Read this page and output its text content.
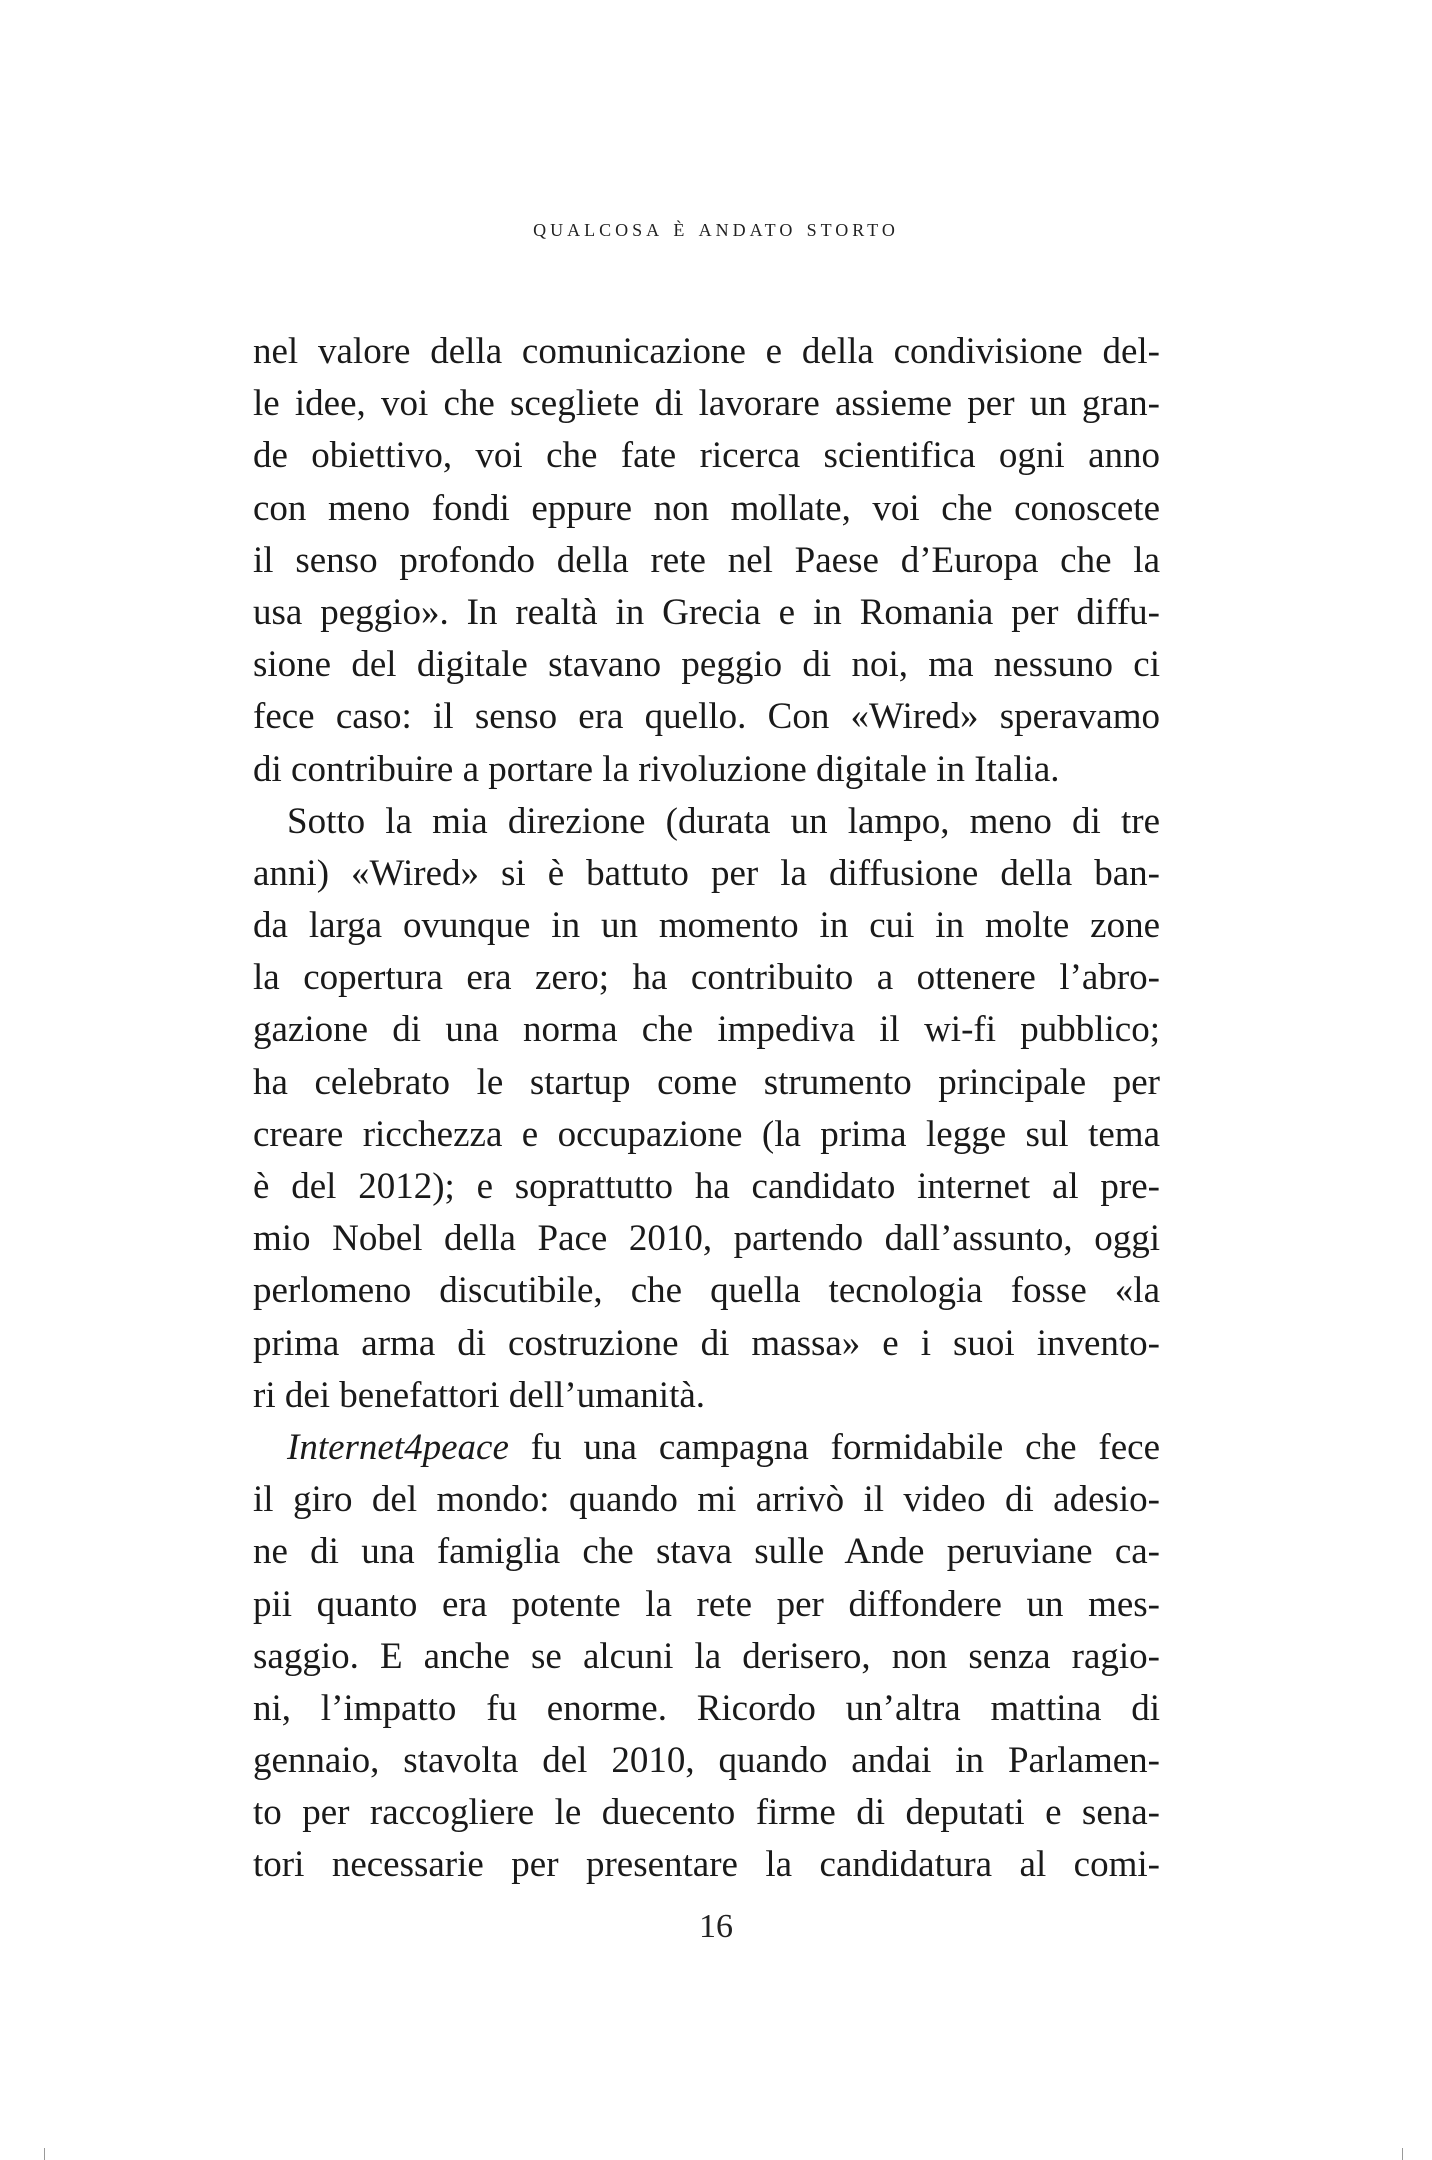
qualcosa è andato storto
nel valore della comunicazione e della condivisione del-
le idee, voi che scegliete di lavorare assieme per un gran-
de obiettivo, voi che fate ricerca scientifica ogni anno
con meno fondi eppure non mollate, voi che conoscete
il senso profondo della rete nel Paese d’Europa che la
usa peggio». In realtà in Grecia e in Romania per diffu-
sione del digitale stavano peggio di noi, ma nessuno ci
fece caso: il senso era quello. Con «Wired» speravamo
di contribuire a portare la rivoluzione digitale in Italia.
Sotto la mia direzione (durata un lampo, meno di tre
anni) «Wired» si è battuto per la diffusione della ban-
da larga ovunque in un momento in cui in molte zone
la copertura era zero; ha contribuito a ottenere l’abro-
gazione di una norma che impediva il wi-fi pubblico;
ha celebrato le startup come strumento principale per
creare ricchezza e occupazione (la prima legge sul tema
è del 2012); e soprattutto ha candidato internet al pre-
mio Nobel della Pace 2010, partendo dall’assunto, oggi
perlomeno discutibile, che quella tecnologia fosse «la
prima arma di costruzione di massa» e i suoi invento-
ri dei benefattori dell’umanità.
Internet4peace fu una campagna formidabile che fece
il giro del mondo: quando mi arrivò il video di adesio-
ne di una famiglia che stava sulle Ande peruviane ca-
pii quanto era potente la rete per diffondere un mes-
saggio. E anche se alcuni la derisero, non senza ragio-
ni, l’impatto fu enorme. Ricordo un’altra mattina di
gennaio, stavolta del 2010, quando andai in Parlamen-
to per raccogliere le duecento firme di deputati e sena-
tori necessarie per presentare la candidatura al comi-
16
